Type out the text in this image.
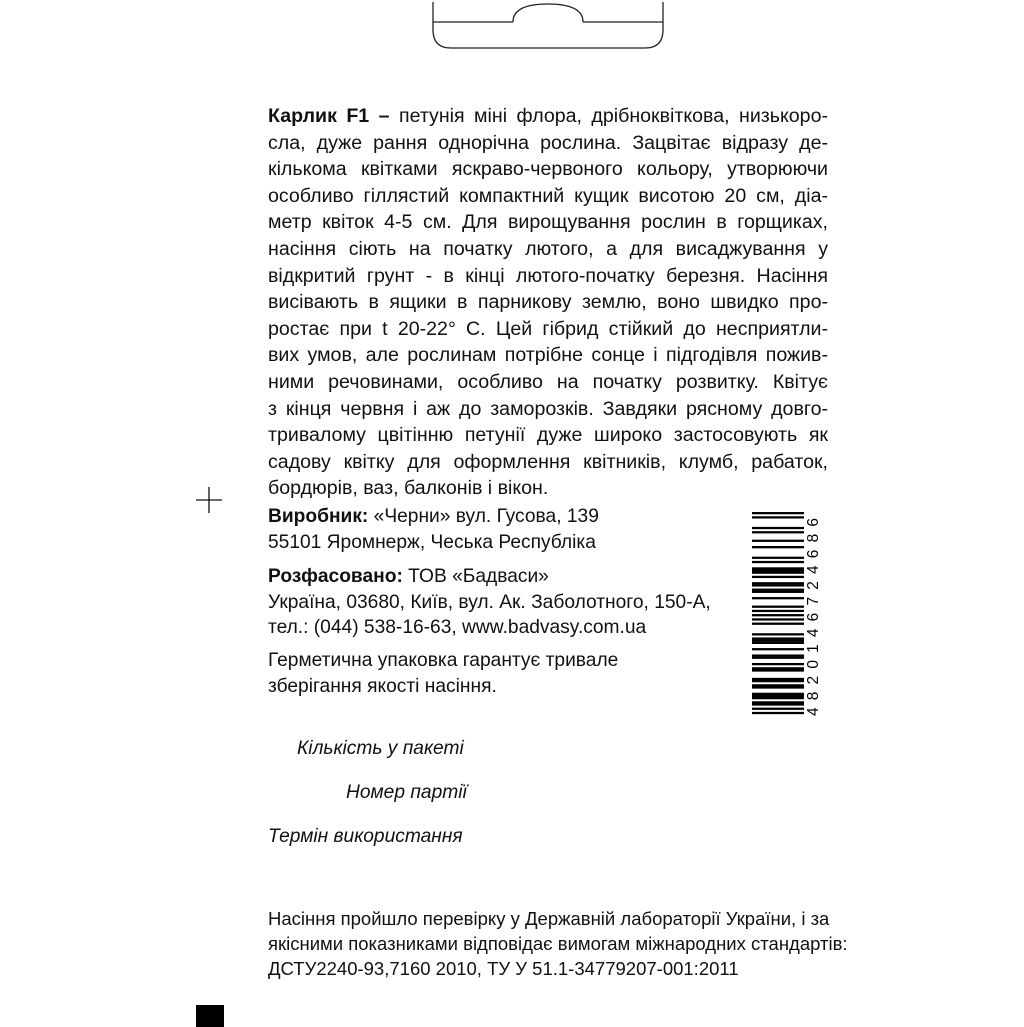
Карлик F1 – петунія міні флора, дрібноквіткова, низькоро-
сла, дуже рання однорічна рослина. Зацвітає відразу де-
кількома квітками яскраво-червоного кольору, утворюючи
особливо гіллястий компактний кущик висотою 20 см, діа-
метр квіток 4-5 см. Для вирощування рослин в горщиках,
насіння сіють на початку лютого, а для висаджування у
відкритий грунт - в кінці лютого-початку березня. Насіння
висівають в ящики в парникову землю, воно швидко про-
ростає при t 20-22° С. Цей гібрид стійкий до несприятли-
вих умов, але рослинам потрібне сонце і підгодівля пожив-
ними речовинами, особливо на початку розвитку. Квітує
з кінця червня і аж до заморозків. Завдяки рясному довго-
тривалому цвітінню петунії дуже широко застосовують як
садову квітку для оформлення квітників, клумб, рабаток,
бордюрів, ваз, балконів і вікон.
Виробник: «Черни» вул. Гусова, 139
55101 Яромнерж, Чеська Республіка
Розфасовано: ТОВ «Бадваси»
Україна, 03680, Київ, вул. Ак. Заболотного, 150-А,
тел.: (044) 538-16-63, www.badvasy.com.ua
Герметична упаковка гарантує тривале
зберігання якості насіння.
Кількість у пакеті
Номер партії
Термін використання
Насіння пройшло перевірку у Державній лабораторії України, і за
якісними показниками відповідає вимогам міжнародних стандартів:
ДСТУ2240-93,7160 2010, ТУ У 51.1-34779207-001:2011
4820146724686
